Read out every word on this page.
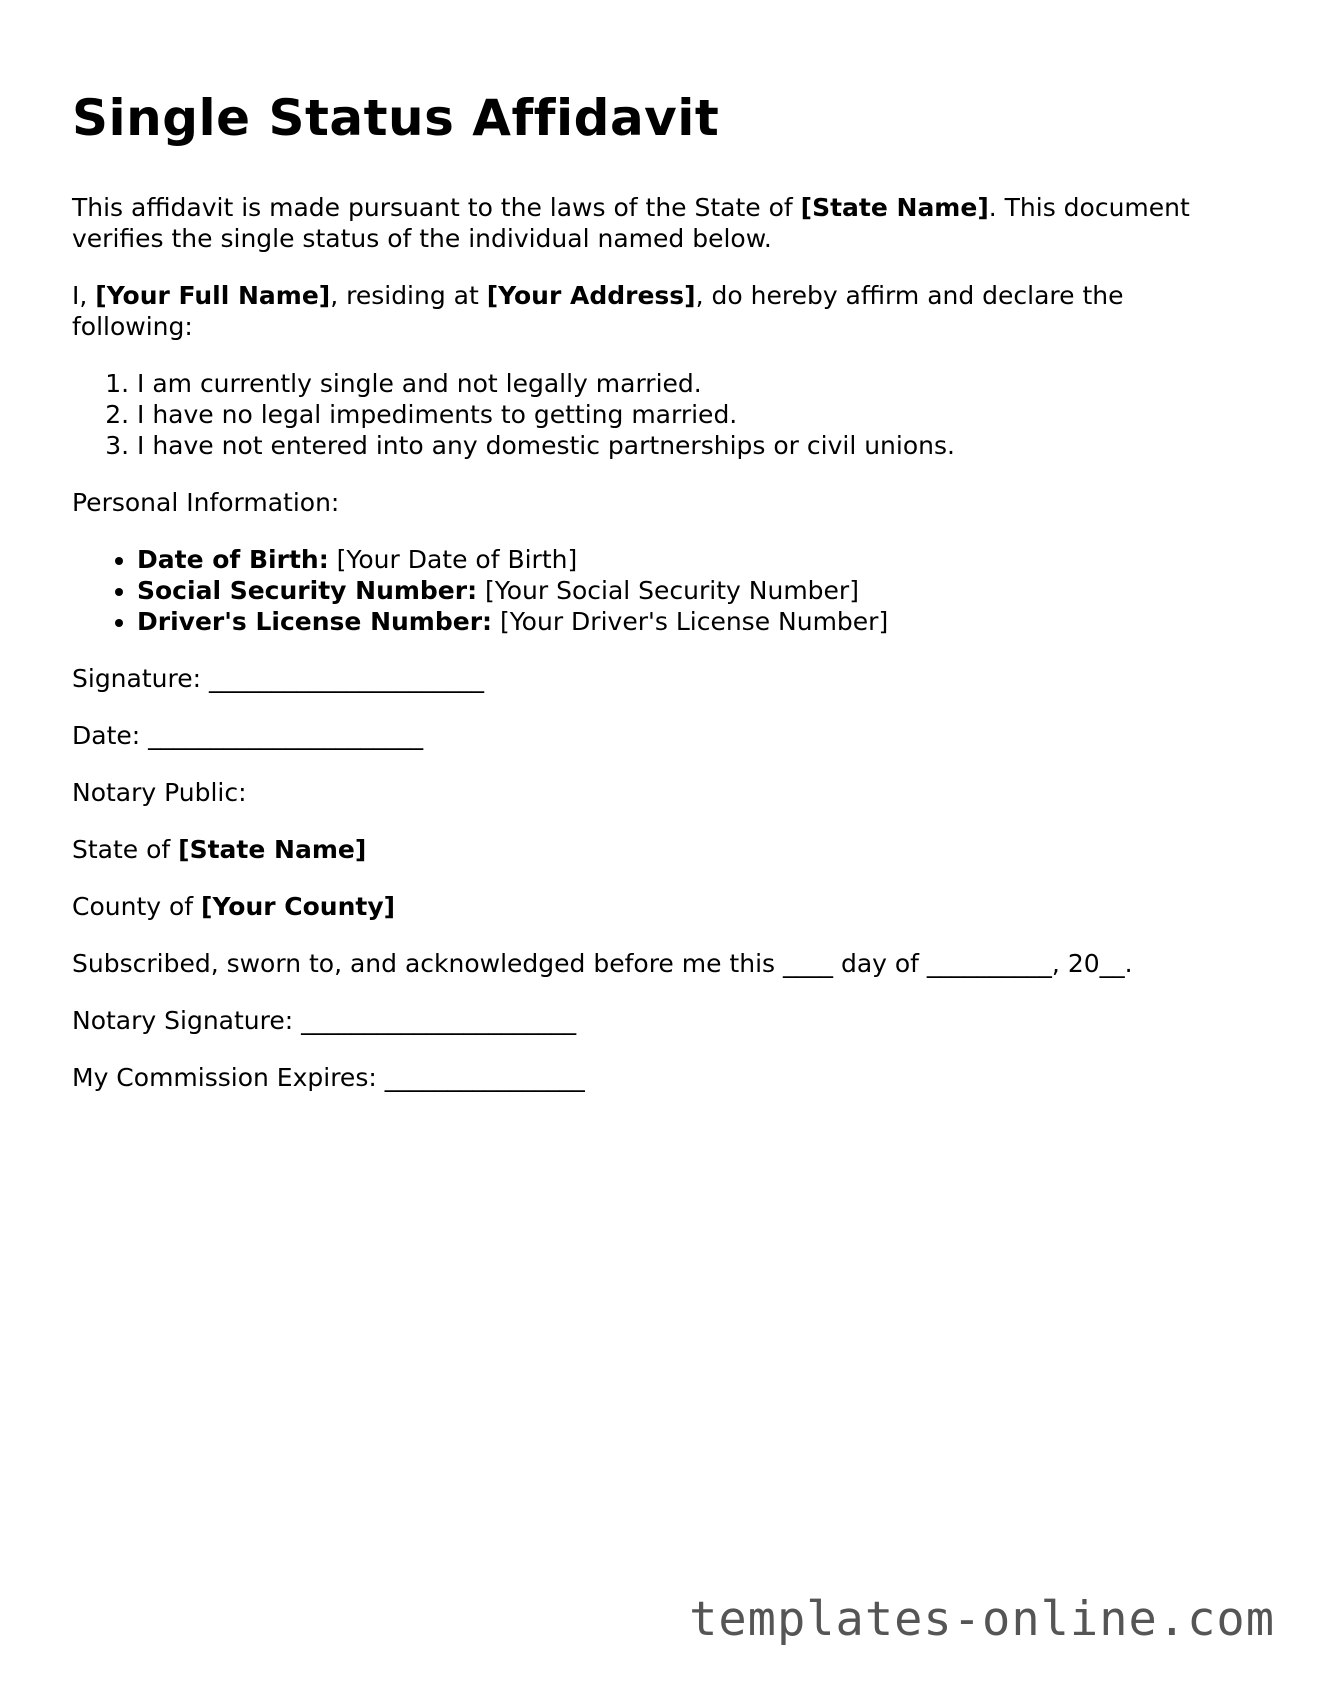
Single Status Affidavit

This affidavit is made pursuant to the laws of the State of [State Name]. This document verifies the single status of the individual named below.

I, [Your Full Name], residing at [Your Address], do hereby affirm and declare the following:

1. I am currently single and not legally married.
2. I have no legal impediments to getting married.
3. I have not entered into any domestic partnerships or civil unions.

Personal Information:

• Date of Birth: [Your Date of Birth]
• Social Security Number: [Your Social Security Number]
• Driver's License Number: [Your Driver's License Number]

Signature: ______________________

Date: ______________________

Notary Public:

State of [State Name]

County of [Your County]

Subscribed, sworn to, and acknowledged before me this ____ day of __________, 20__.

Notary Signature: ______________________

My Commission Expires: ________________

templates-online.com
